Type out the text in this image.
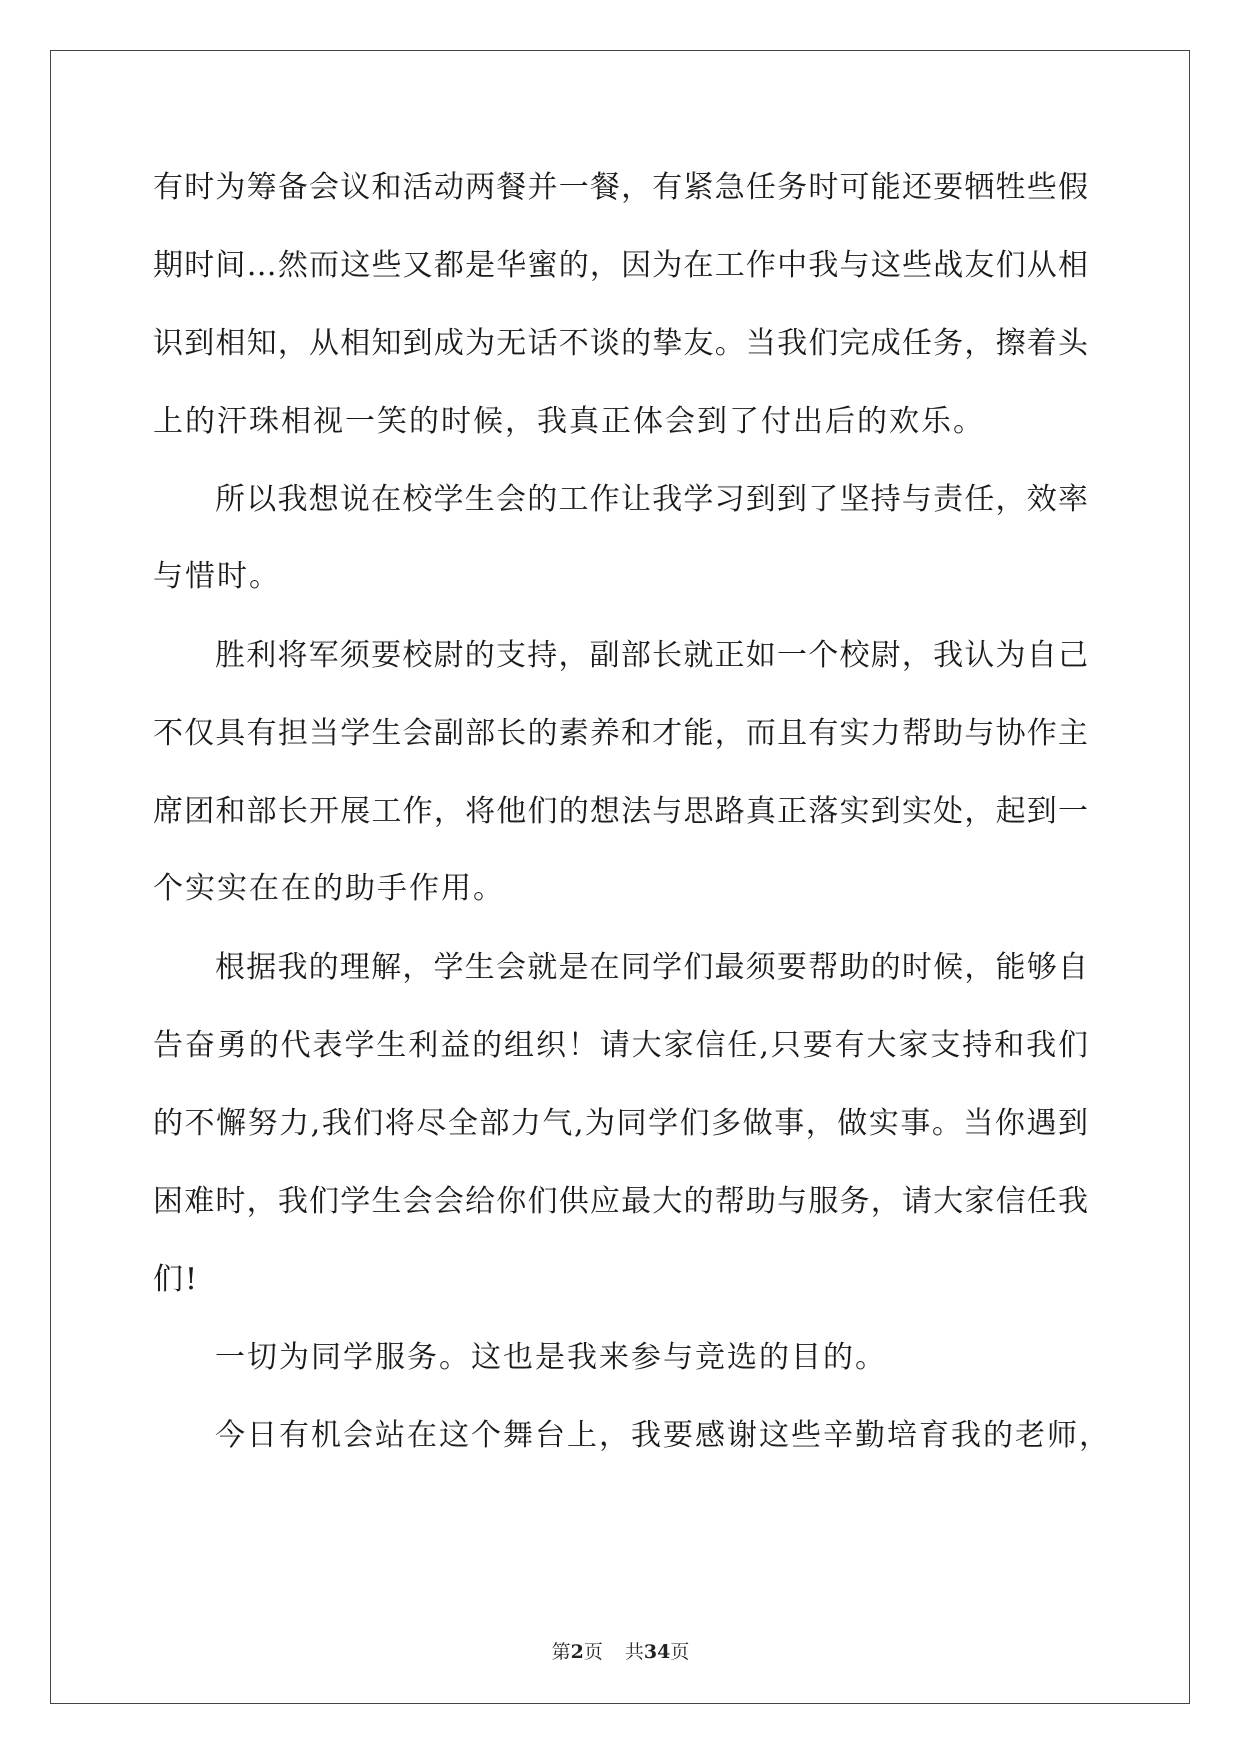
有时为筹备会议和活动两餐并一餐，有紧急任务时可能还要牺牲些假
期时间…然而这些又都是华蜜的，因为在工作中我与这些战友们从相
识到相知，从相知到成为无话不谈的挚友。当我们完成任务，擦着头
上的汗珠相视一笑的时候，我真正体会到了付出后的欢乐。
所以我想说在校学生会的工作让我学习到到了坚持与责任，效率
与惜时。
胜利将军须要校尉的支持，副部长就正如一个校尉，我认为自己
不仅具有担当学生会副部长的素养和才能，而且有实力帮助与协作主
席团和部长开展工作，将他们的想法与思路真正落实到实处，起到一
个实实在在的助手作用。
根据我的理解，学生会就是在同学们最须要帮助的时候，能够自
告奋勇的代表学生利益的组织！请大家信任,只要有大家支持和我们
的不懈努力,我们将尽全部力气,为同学们多做事，做实事。当你遇到
困难时，我们学生会会给你们供应最大的帮助与服务，请大家信任我
们!
一切为同学服务。这也是我来参与竞选的目的。
今日有机会站在这个舞台上，我要感谢这些辛勤培育我的老师，
第2页 共34页
